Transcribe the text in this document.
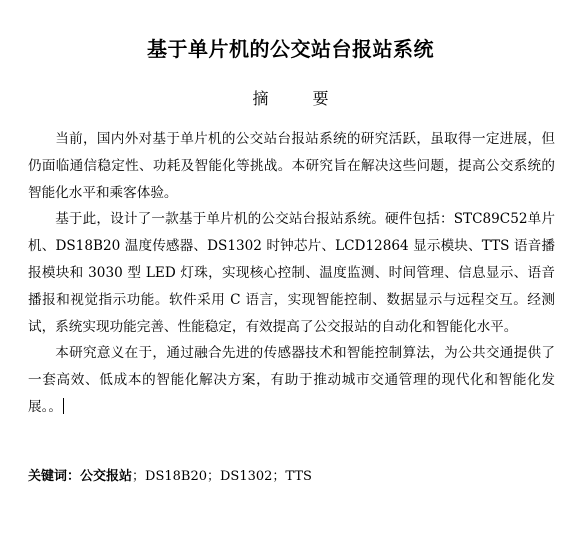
基于单片机的公交站台报站系统
摘　要

当前，国内外对基于单片机的公交站台报站系统的研究活跃，虽取得一定进展，但仍面临通信稳定性、功耗及智能化等挑战。本研究旨在解决这些问题，提高公交系统的智能化水平和乘客体验。

基于此，设计了一款基于单片机的公交站台报站系统。硬件包括：STC89C52单片机、DS18B20 温度传感器、DS1302 时钟芯片、LCD12864 显示模块、TTS 语音播报模块和 3030 型 LED 灯珠，实现核心控制、温度监测、时间管理、信息显示、语音播报和视觉指示功能。软件采用 C 语言，实现智能控制、数据显示与远程交互。经测试，系统实现功能完善、性能稳定，有效提高了公交报站的自动化和智能化水平。

本研究意义在于，通过融合先进的传感器技术和智能控制算法，为公共交通提供了一套高效、低成本的智能化解决方案，有助于推动城市交通管理的现代化和智能化发展。。

关键词：公交报站；DS18B20；DS1302；TTS
